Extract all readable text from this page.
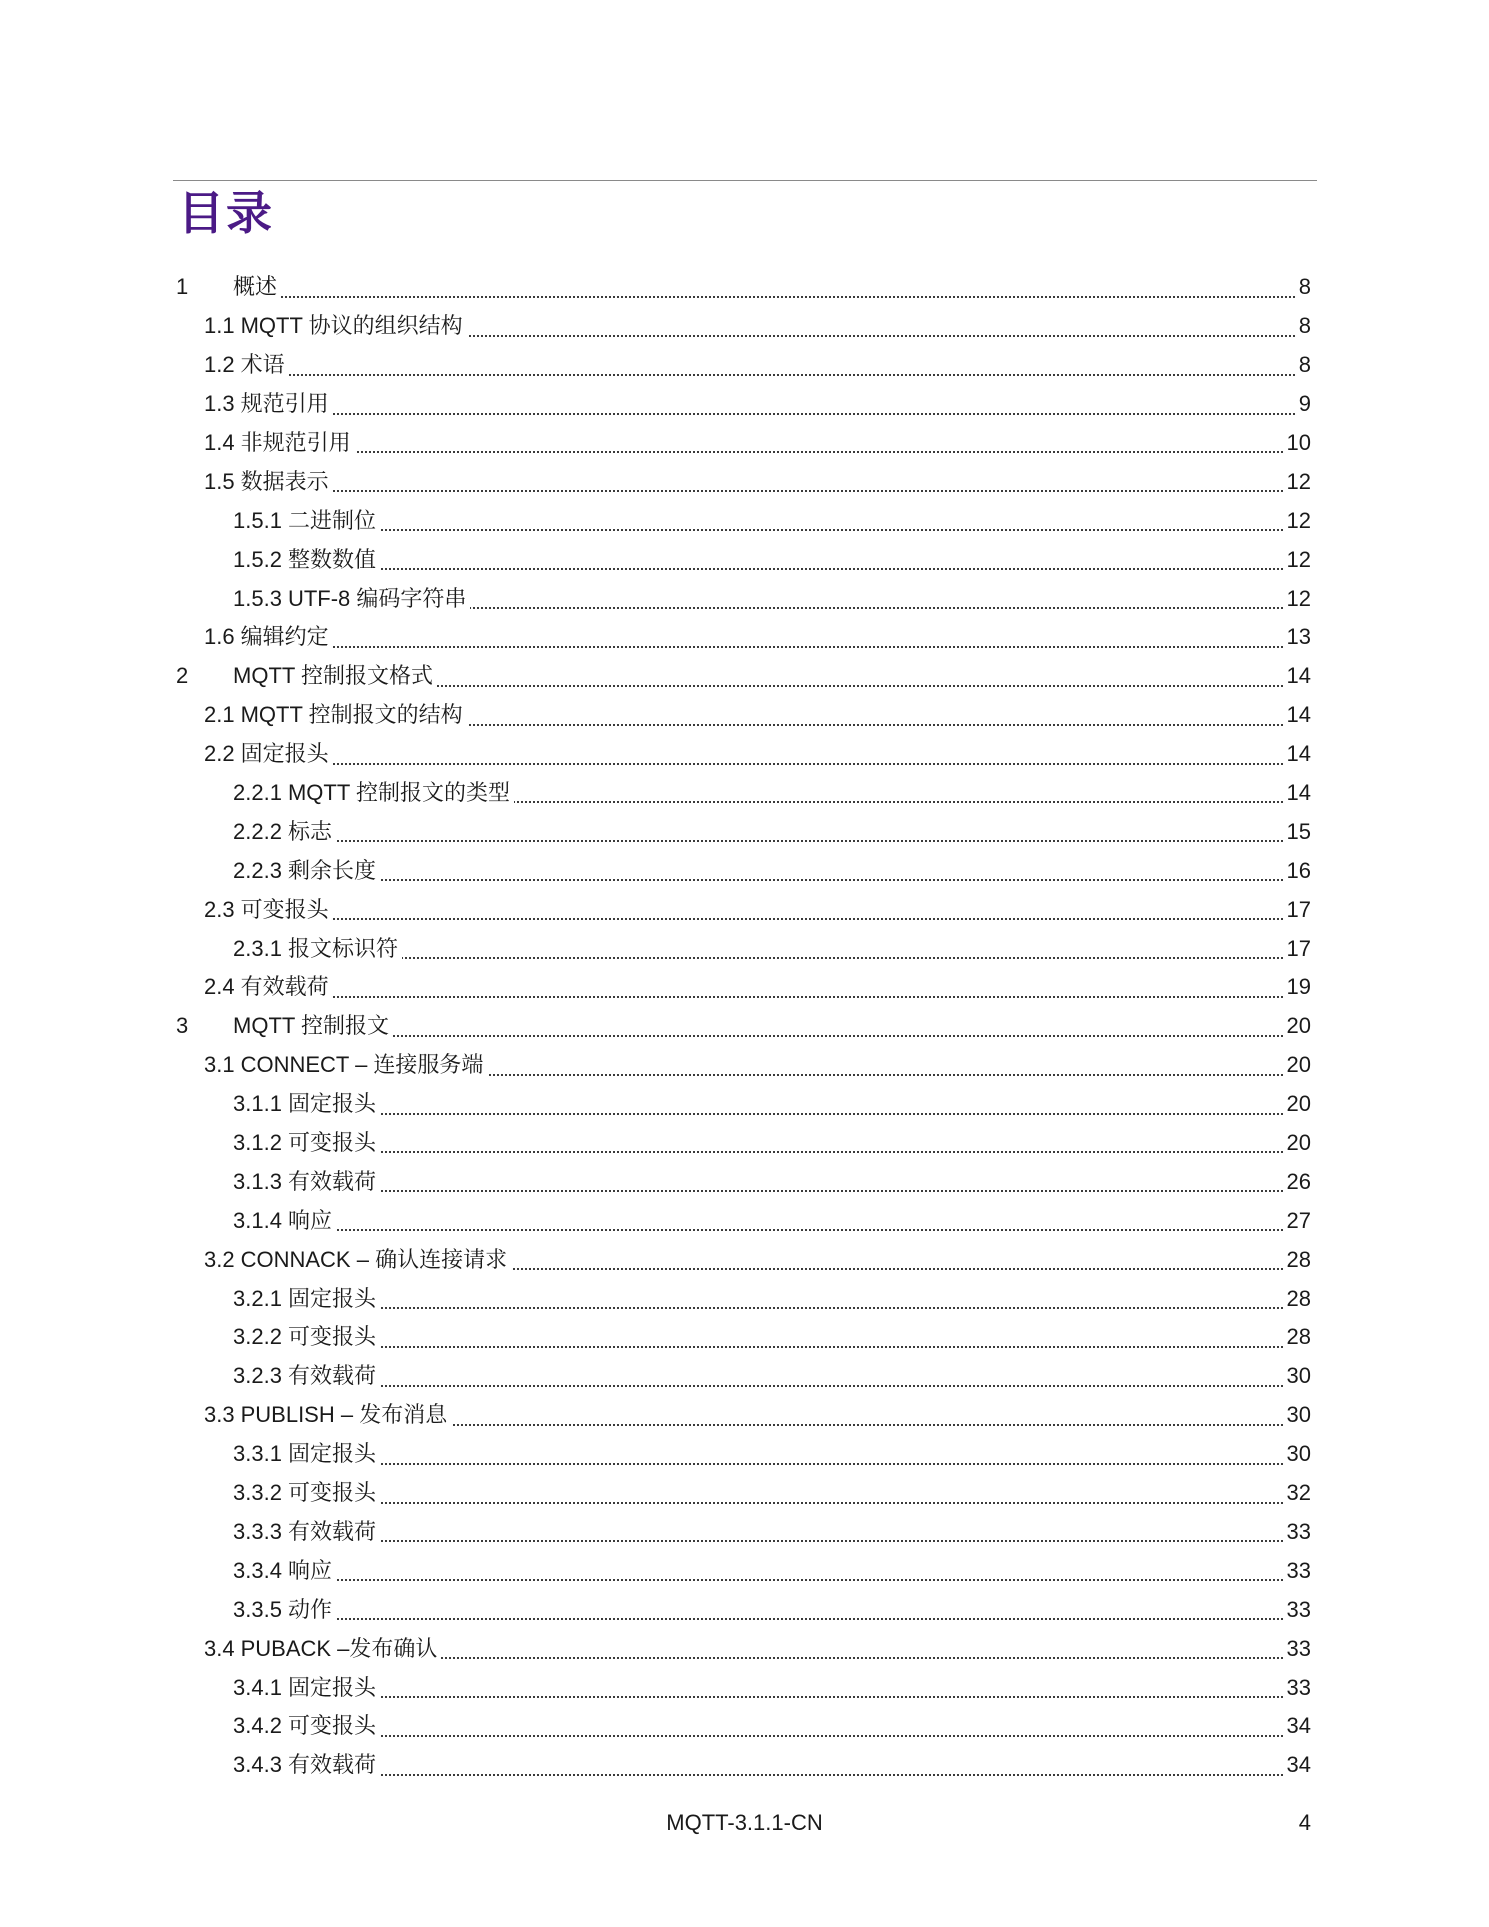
目录
1 概述	8
1.1 MQTT 协议的组织结构	8
1.2 术语	8
1.3 规范引用	9
1.4 非规范引用	10
1.5 数据表示	12
1.5.1 二进制位	12
1.5.2 整数数值	12
1.5.3 UTF-8 编码字符串	12
1.6 编辑约定	13
2 MQTT 控制报文格式	14
2.1 MQTT 控制报文的结构	14
2.2 固定报头	14
2.2.1 MQTT 控制报文的类型	14
2.2.2 标志	15
2.2.3 剩余长度	16
2.3 可变报头	17
2.3.1 报文标识符	17
2.4 有效载荷	19
3 MQTT 控制报文	20
3.1 CONNECT – 连接服务端	20
3.1.1 固定报头	20
3.1.2 可变报头	20
3.1.3 有效载荷	26
3.1.4 响应	27
3.2 CONNACK – 确认连接请求	28
3.2.1 固定报头	28
3.2.2 可变报头	28
3.2.3 有效载荷	30
3.3 PUBLISH – 发布消息	30
3.3.1 固定报头	30
3.3.2 可变报头	32
3.3.3 有效载荷	33
3.3.4 响应	33
3.3.5 动作	33
3.4 PUBACK –发布确认	33
3.4.1 固定报头	33
3.4.2 可变报头	34
3.4.3 有效载荷	34
MQTT-3.1.1-CN	4
